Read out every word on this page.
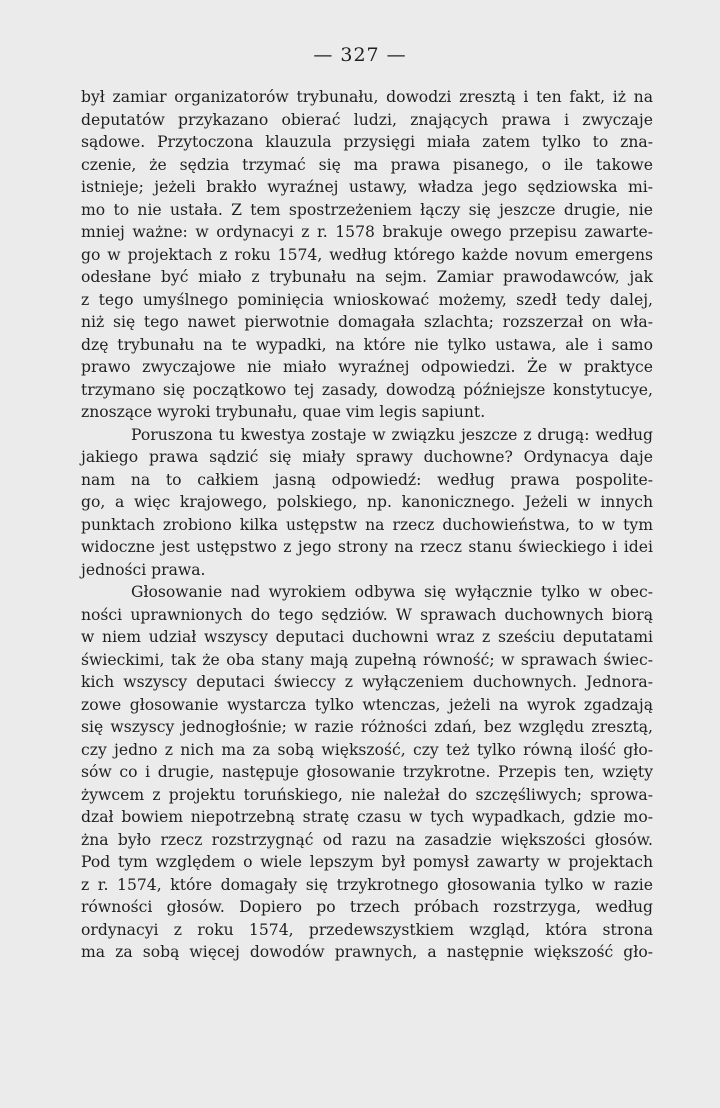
— 327 —
był zamiar organizatorów trybunału, dowodzi zresztą i ten fakt, iż na
deputatów przykazano obierać ludzi, znających prawa i zwyczaje
sądowe. Przytoczona klauzula przysięgi miała zatem tylko to zna-
czenie, że sędzia trzymać się ma prawa pisanego, o ile takowe
istnieje; jeżeli brakło wyraźnej ustawy, władza jego sędziowska mi-
mo to nie ustała. Z tem spostrzeżeniem łączy się jeszcze drugie, nie
mniej ważne: w ordynacyi z r. 1578 brakuje owego przepisu zawarte-
go w projektach z roku 1574, według którego każde novum emergens
odesłane być miało z trybunału na sejm. Zamiar prawodawców, jak
z tego umyślnego pominięcia wnioskować możemy, szedł tedy dalej,
niż się tego nawet pierwotnie domagała szlachta; rozszerzał on wła-
dzę trybunału na te wypadki, na które nie tylko ustawa, ale i samo
prawo zwyczajowe nie miało wyraźnej odpowiedzi. Że w praktyce
trzymano się początkowo tej zasady, dowodzą późniejsze konstytucye,
znoszące wyroki trybunału, quae vim legis sapiunt.
Poruszona tu kwestya zostaje w związku jeszcze z drugą: według
jakiego prawa sądzić się miały sprawy duchowne? Ordynacya daje
nam na to całkiem jasną odpowiedź: według prawa pospolite-
go, a więc krajowego, polskiego, np. kanonicznego. Jeżeli w innych
punktach zrobiono kilka ustępstw na rzecz duchowieństwa, to w tym
widoczne jest ustępstwo z jego strony na rzecz stanu świeckiego i idei
jedności prawa.
Głosowanie nad wyrokiem odbywa się wyłącznie tylko w obec-
ności uprawnionych do tego sędziów. W sprawach duchownych biorą
w niem udział wszyscy deputaci duchowni wraz z sześciu deputatami
świeckimi, tak że oba stany mają zupełną równość; w sprawach świec-
kich wszyscy deputaci świeccy z wyłączeniem duchownych. Jednora-
zowe głosowanie wystarcza tylko wtenczas, jeżeli na wyrok zgadzają
się wszyscy jednogłośnie; w razie różności zdań, bez względu zresztą,
czy jedno z nich ma za sobą większość, czy też tylko równą ilość gło-
sów co i drugie, następuje głosowanie trzykrotne. Przepis ten, wzięty
żywcem z projektu toruńskiego, nie należał do szczęśliwych; sprowa-
dzał bowiem niepotrzebną stratę czasu w tych wypadkach, gdzie mo-
żna było rzecz rozstrzygnąć od razu na zasadzie większości głosów.
Pod tym względem o wiele lepszym był pomysł zawarty w projektach
z r. 1574, które domagały się trzykrotnego głosowania tylko w razie
równości głosów. Dopiero po trzech próbach rozstrzyga, według
ordynacyi z roku 1574, przedewszystkiem wzgląd, która strona
ma za sobą więcej dowodów prawnych, a następnie większość gło-
